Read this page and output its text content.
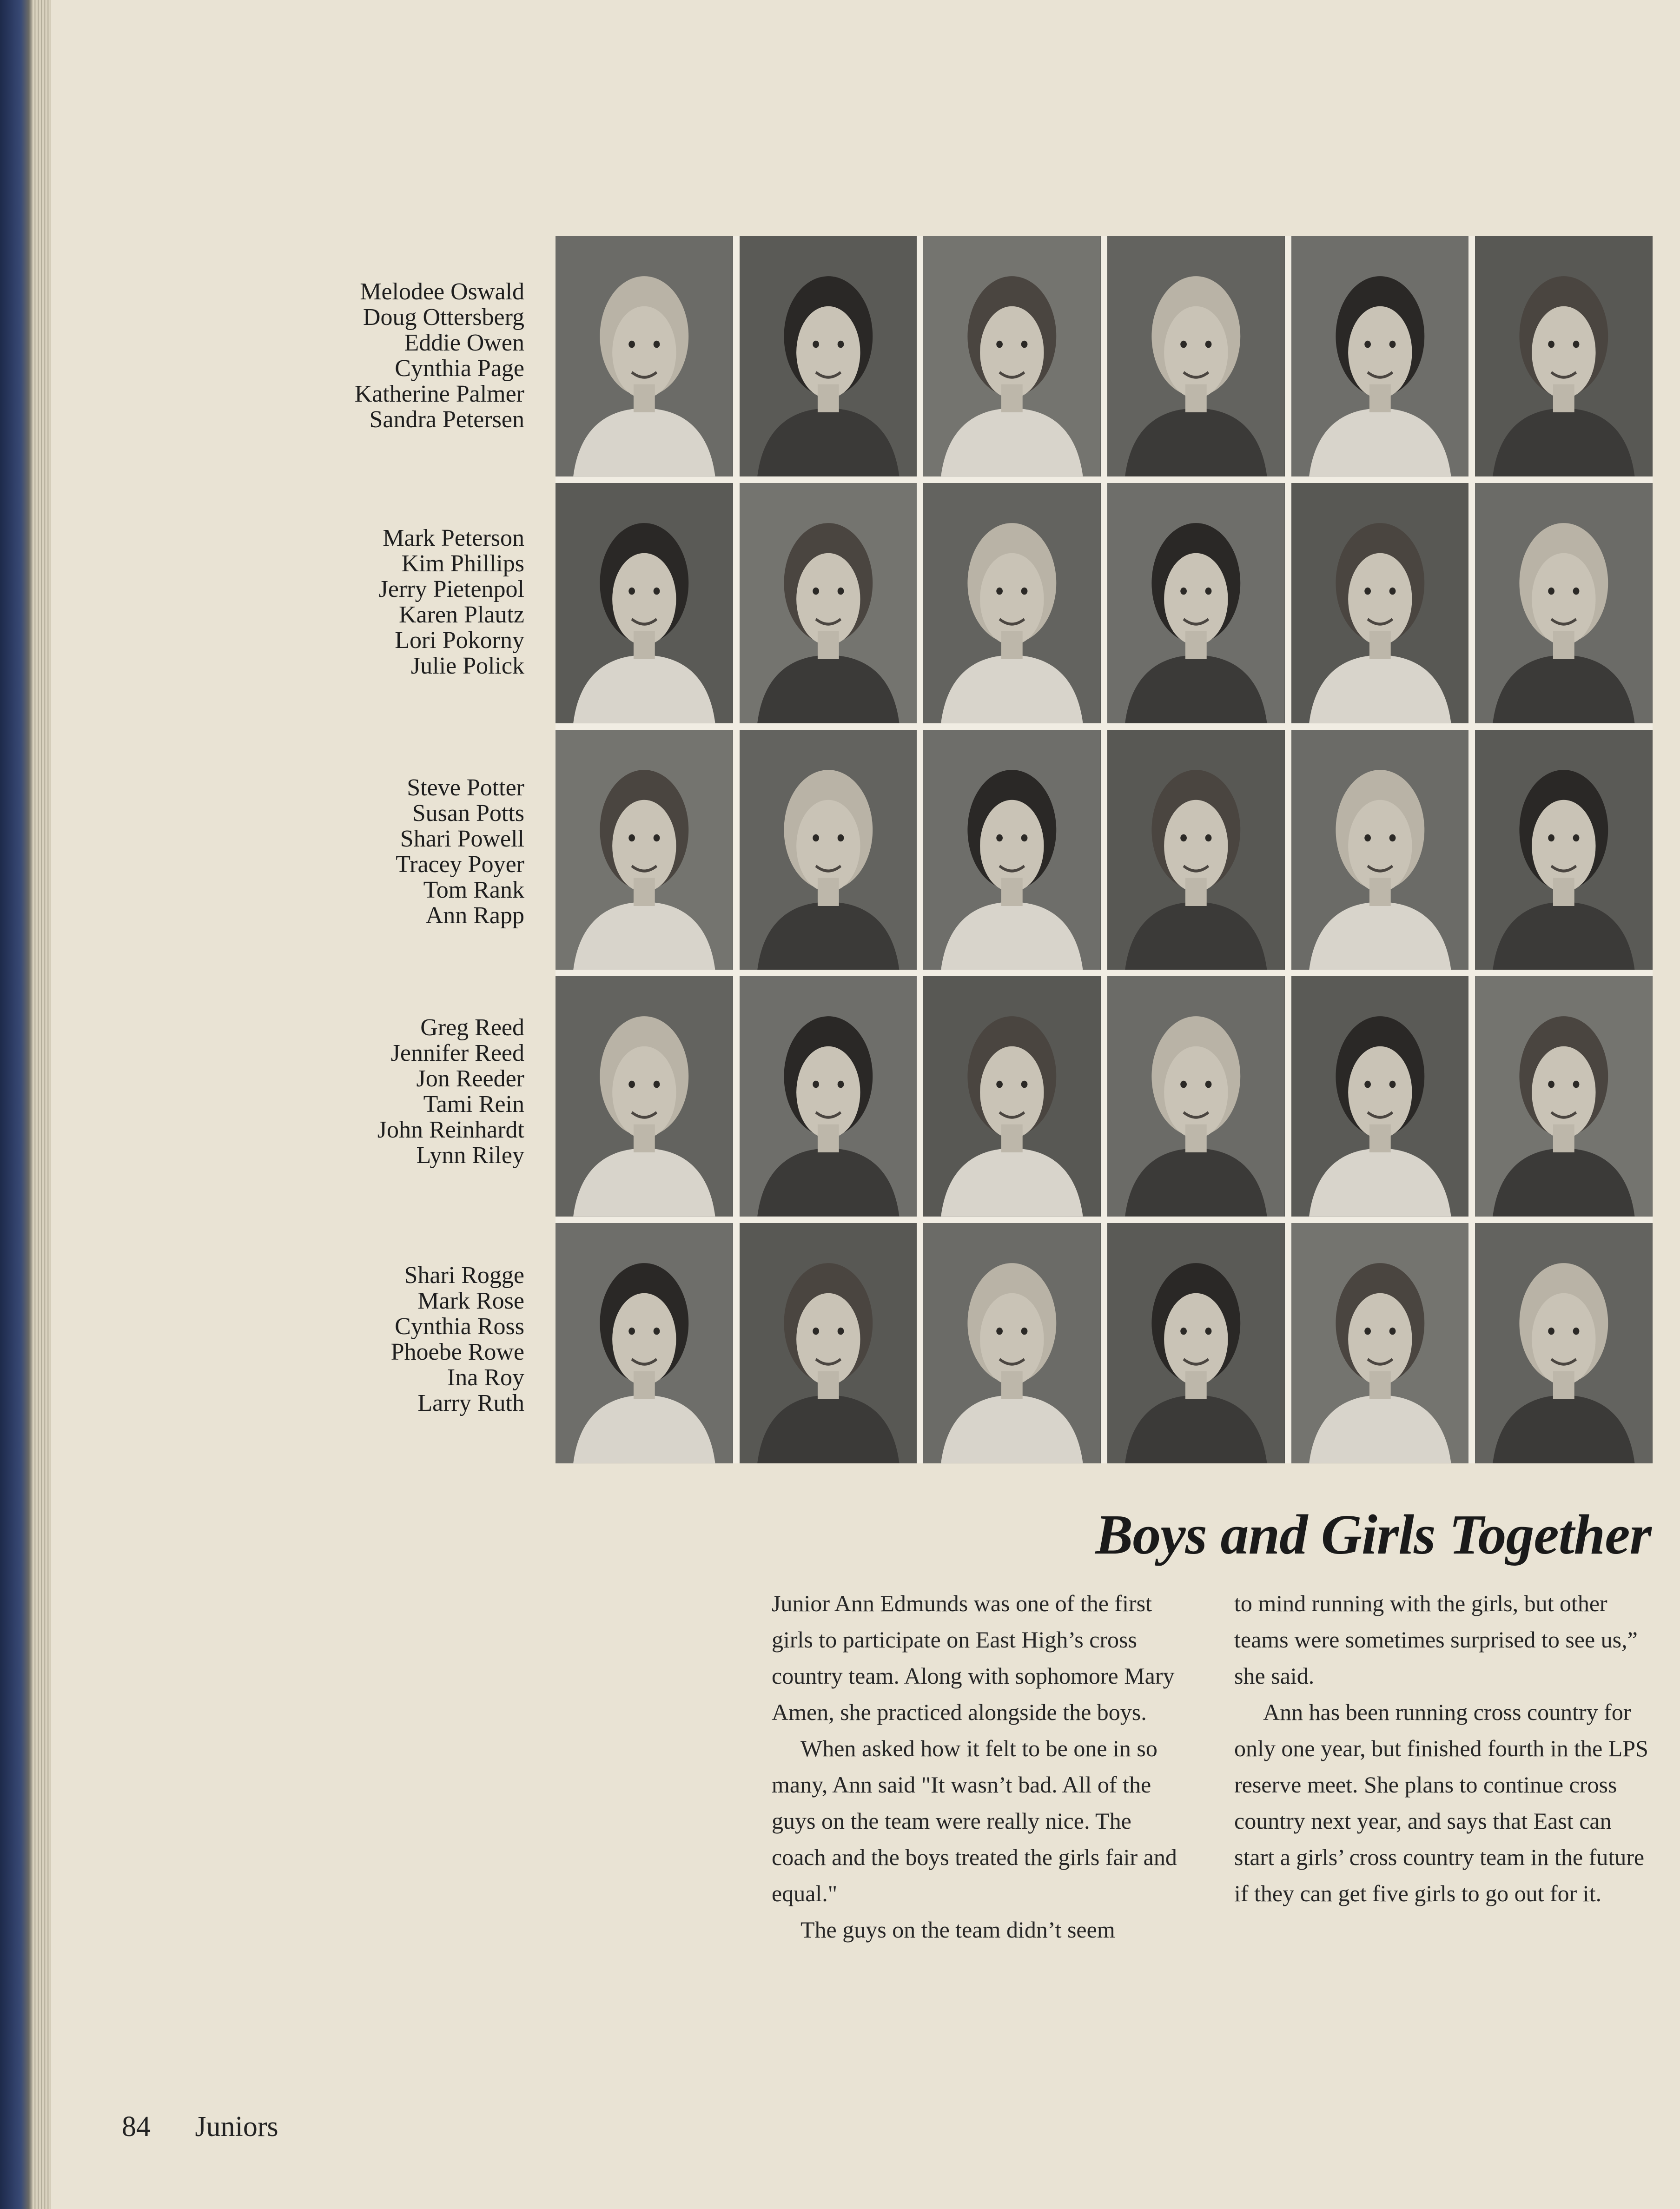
Melodee Oswald
Doug Ottersberg
Eddie Owen
Cynthia Page
Katherine Palmer
Sandra Petersen
Mark Peterson
Kim Phillips
Jerry Pietenpol
Karen Plautz
Lori Pokorny
Julie Polick
Steve Potter
Susan Potts
Shari Powell
Tracey Poyer
Tom Rank
Ann Rapp
Greg Reed
Jennifer Reed
Jon Reeder
Tami Rein
John Reinhardt
Lynn Riley
Shari Rogge
Mark Rose
Cynthia Ross
Phoebe Rowe
Ina Roy
Larry Ruth
Boys and Girls Together

Junior Ann Edmunds was one of the first girls to participate on East High’s cross country team. Along with sophomore Mary Amen, she practiced alongside the boys.

When asked how it felt to be one in so many, Ann said "It wasn’t bad. All of the guys on the team were really nice. The coach and the boys treated the girls fair and equal."

The guys on the team didn’t seem

to mind running with the girls, but other teams were sometimes surprised to see us,” she said.

Ann has been running cross country for only one year, but finished fourth in the LPS reserve meet. She plans to continue cross country next year, and says that East can start a girls’ cross country team in the future if they can get five girls to go out for it.

84 Juniors
